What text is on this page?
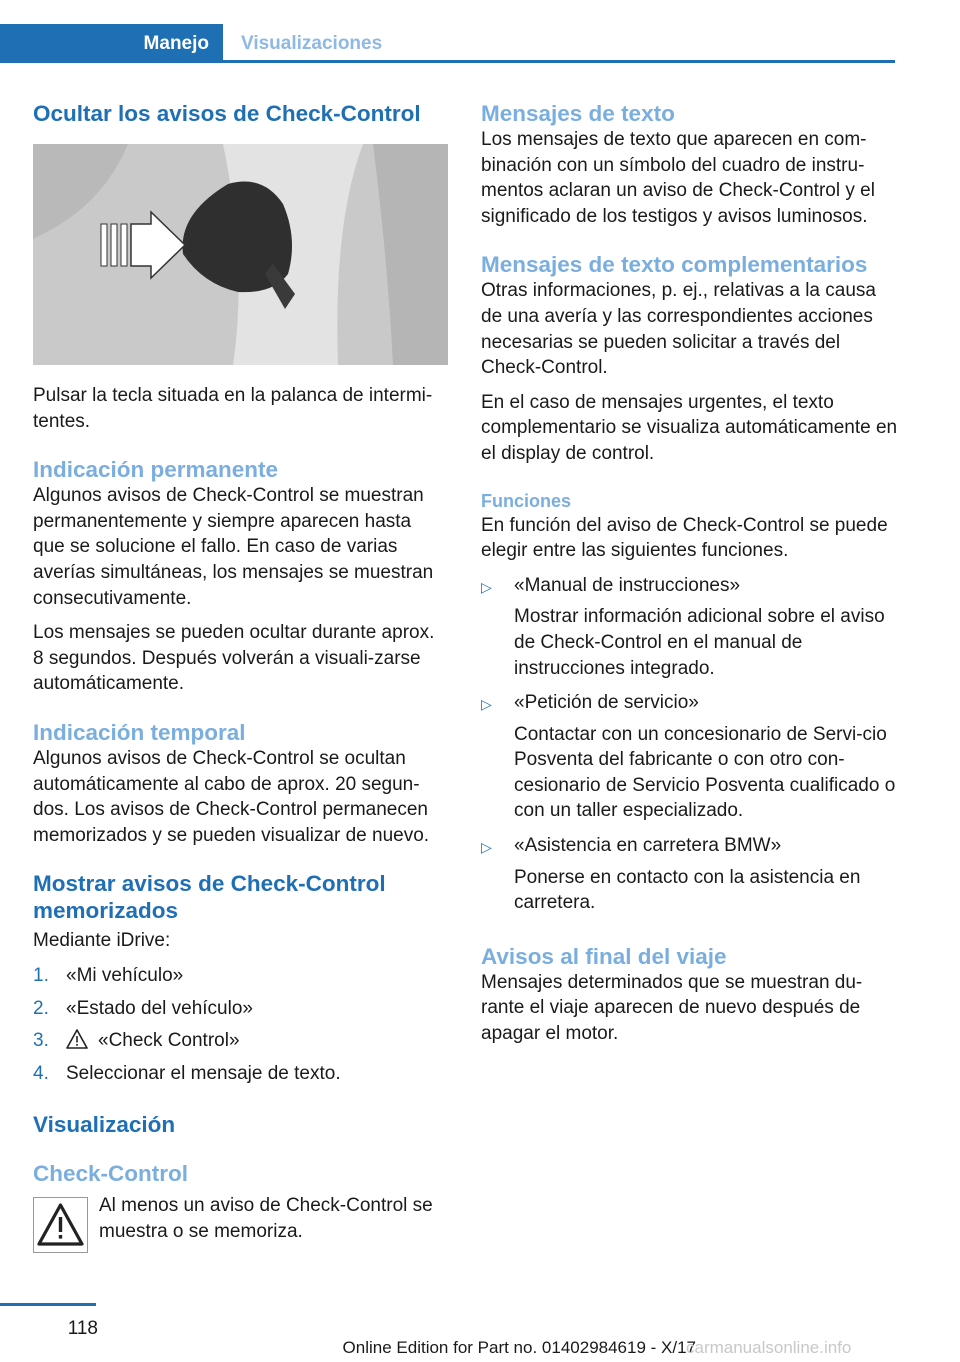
Manejo	Visualizaciones
Ocultar los avisos de Check-Control

Pulsar la tecla situada en la palanca de intermi-tentes.

Indicación permanente

Algunos avisos de Check-Control se muestran permanentemente y siempre aparecen hasta que se solucione el fallo. En caso de varias averías simultáneas, los mensajes se muestran consecutivamente.

Los mensajes se pueden ocultar durante aprox. 8 segundos. Después volverán a visuali-zarse automáticamente.

Indicación temporal

Algunos avisos de Check-Control se ocultan automáticamente al cabo de aprox. 20 segun-dos. Los avisos de Check-Control permanecen memorizados y se pueden visualizar de nuevo.

Mostrar avisos de Check-Control memorizados

Mediante iDrive:

1. «Mi vehículo»
2. «Estado del vehículo»
3.	«Check Control»
4. Seleccionar el mensaje de texto.
Visualización
Check-Control

Al menos un aviso de Check-Control se muestra o se memoriza.

Mensajes de texto

Los mensajes de texto que aparecen en com-binación con un símbolo del cuadro de instru-mentos aclaran un aviso de Check-Control y el significado de los testigos y avisos luminosos.

Mensajes de texto complementarios

Otras informaciones, p. ej., relativas a la causa de una avería y las correspondientes acciones necesarias se pueden solicitar a través del Check-Control.

En el caso de mensajes urgentes, el texto complementario se visualiza automáticamente en el display de control.

Funciones

En función del aviso de Check-Control se puede elegir entre las siguientes funciones.

▷	«Manual de instrucciones»

Mostrar información adicional sobre el aviso de Check-Control en el manual de instrucciones integrado.

▷	«Petición de servicio»

Contactar con un concesionario de Servi-cio Posventa del fabricante o con otro con-cesionario de Servicio Posventa cualificado o con un taller especializado.

▷	«Asistencia en carretera BMW»

Ponerse en contacto con la asistencia en carretera.

Avisos al final del viaje

Mensajes determinados que se muestran du-rante el viaje aparecen de nuevo después de apagar el motor.

118
Online Edition for Part no. 01402984619 - X/17
carmanualsonline.info
